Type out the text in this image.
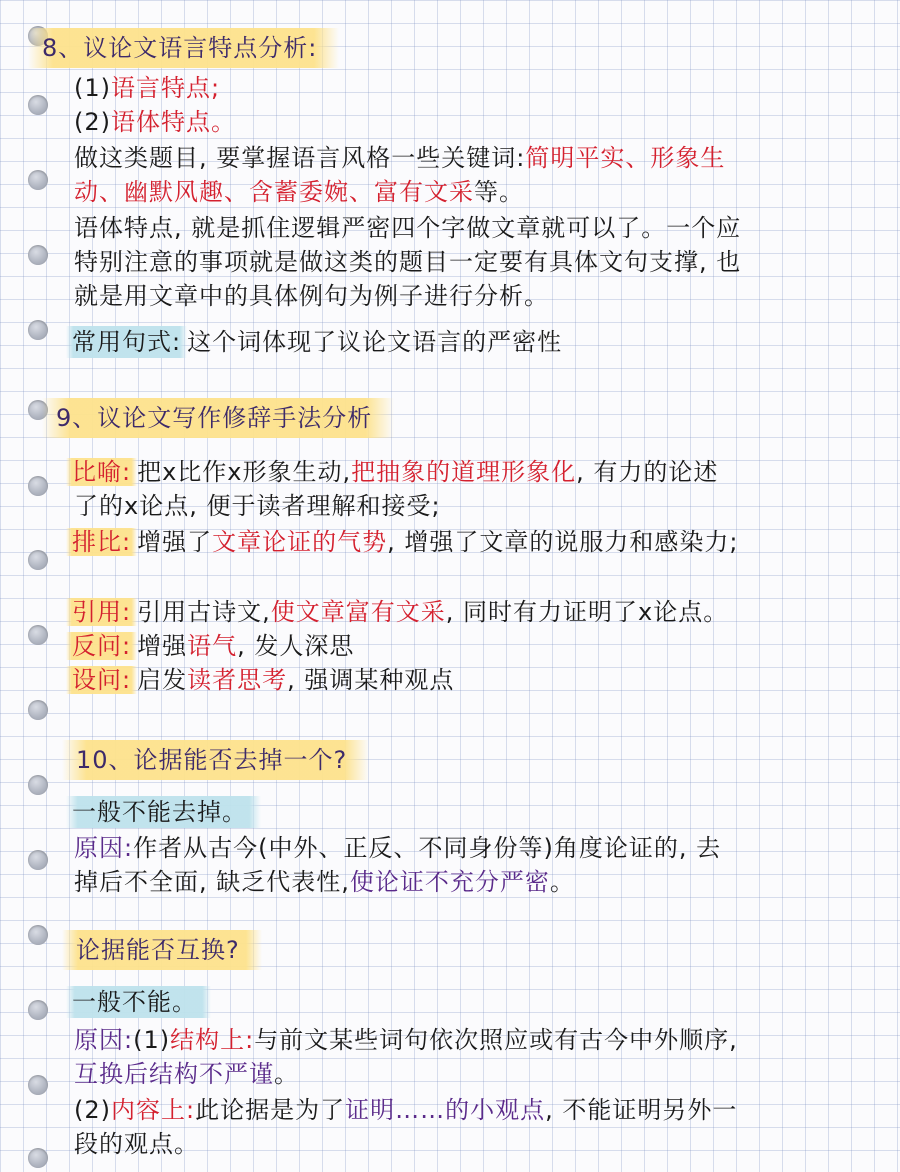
8、议论文语言特点分析:
(1)语言特点;
(2)语体特点。
做这类题目, 要掌握语言风格一些关键词:简明平实、形象生
动、幽默风趣、含蓄委婉、富有文采等。
语体特点, 就是抓住逻辑严密四个字做文章就可以了。一个应
特别注意的事项就是做这类的题目一定要有具体文句支撑, 也
就是用文章中的具体例句为例子进行分析。
常用句式: 这个词体现了议论文语言的严密性
9、议论文写作修辞手法分析
比喻: 把x比作x形象生动,把抽象的道理形象化, 有力的论述
了的x论点, 便于读者理解和接受;
排比: 增强了文章论证的气势, 增强了文章的说服力和感染力;
引用: 引用古诗文,使文章富有文采, 同时有力证明了x论点。
反问: 增强语气, 发人深思
设问: 启发读者思考, 强调某种观点
10、论据能否去掉一个?
一般不能去掉。
原因:作者从古今(中外、正反、不同身份等)角度论证的, 去
掉后不全面, 缺乏代表性,使论证不充分严密。
论据能否互换?
一般不能。
原因:(1)结构上:与前文某些词句依次照应或有古今中外顺序,
互换后结构不严谨。
(2)内容上:此论据是为了证明……的小观点, 不能证明另外一
段的观点。
